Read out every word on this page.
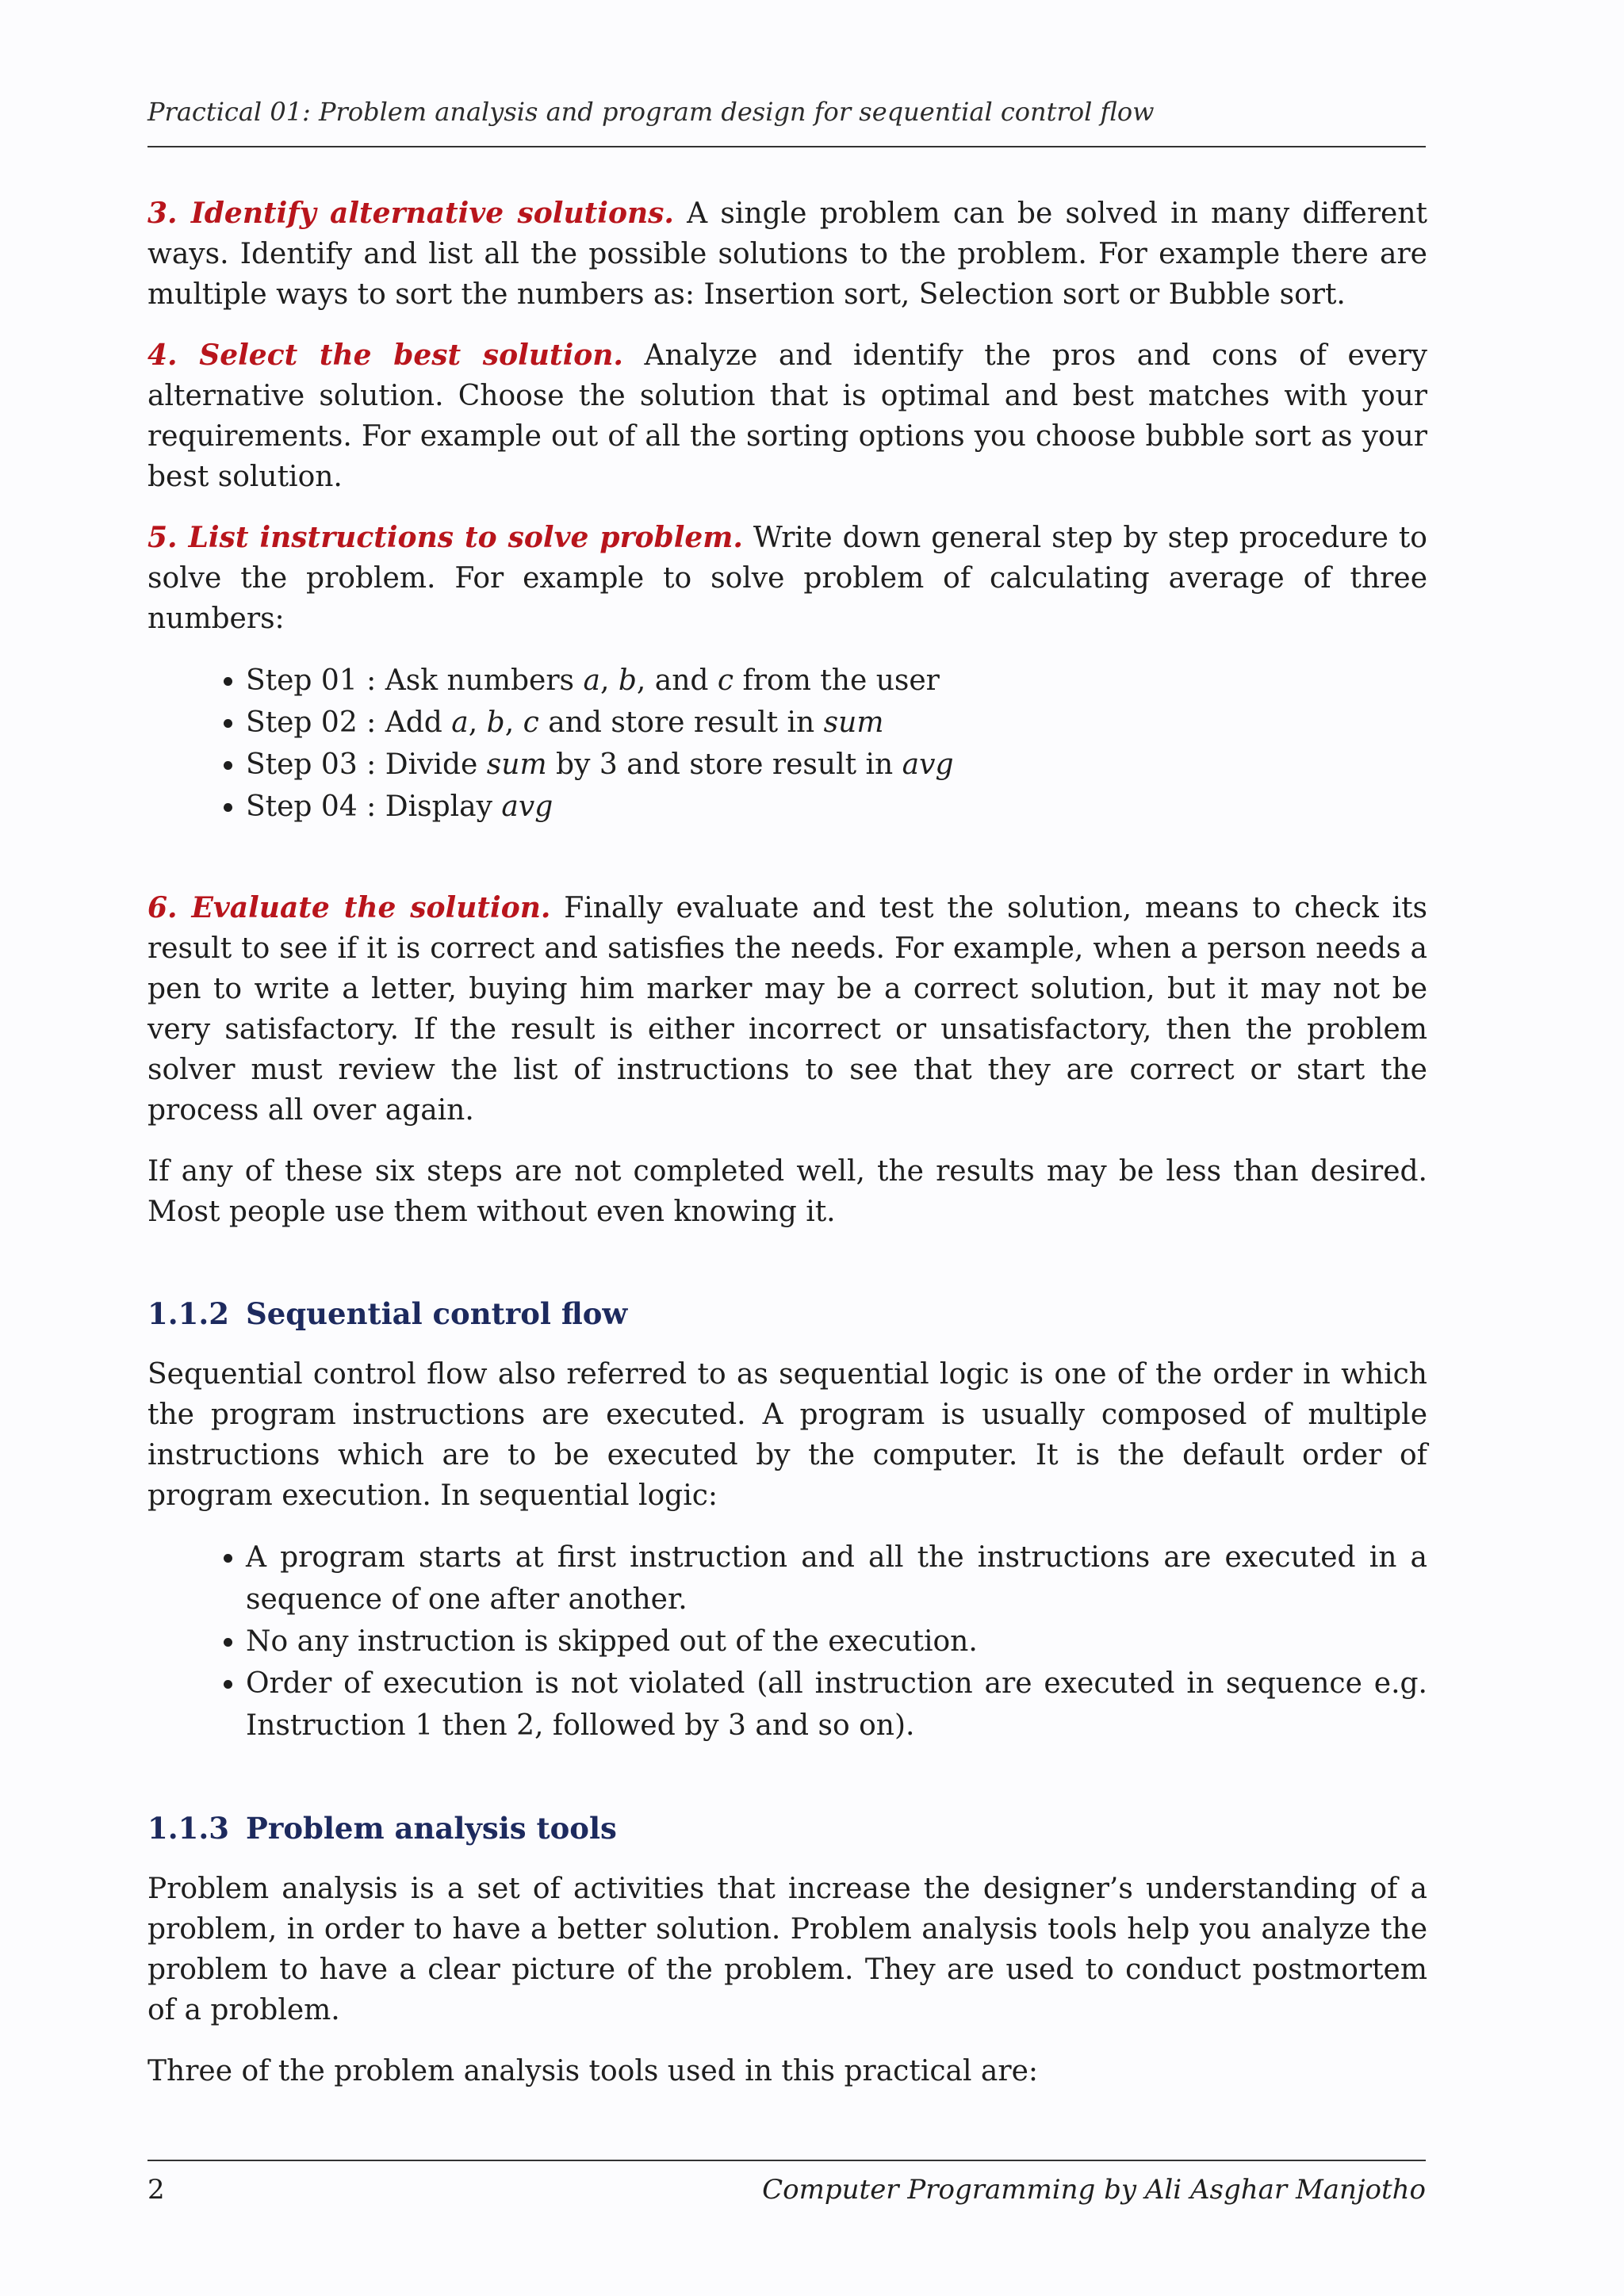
Practical 01: Problem analysis and program design for sequential control flow

3. Identify alternative solutions. A single problem can be solved in many different ways. Identify and list all the possible solutions to the problem. For example there are multiple ways to sort the numbers as: Insertion sort, Selection sort or Bubble sort.

4. Select the best solution. Analyze and identify the pros and cons of every alternative solution. Choose the solution that is optimal and best matches with your requirements. For example out of all the sorting options you choose bubble sort as your best solution.

5. List instructions to solve problem. Write down general step by step procedure to solve the problem. For example to solve problem of calculating average of three numbers:

• Step 01 : Ask numbers a, b, and c from the user
• Step 02 : Add a, b, c and store result in sum
• Step 03 : Divide sum by 3 and store result in avg
• Step 04 : Display avg

6. Evaluate the solution. Finally evaluate and test the solution, means to check its result to see if it is correct and satisfies the needs. For example, when a person needs a pen to write a letter, buying him marker may be a correct solution, but it may not be very satisfactory. If the result is either incorrect or unsatisfactory, then the problem solver must review the list of instructions to see that they are correct or start the process all over again.

If any of these six steps are not completed well, the results may be less than desired. Most people use them without even knowing it.

1.1.2 Sequential control flow

Sequential control flow also referred to as sequential logic is one of the order in which the program instructions are executed. A program is usually composed of multiple instructions which are to be executed by the computer. It is the default order of program execution. In sequential logic:

• A program starts at first instruction and all the instructions are executed in a sequence of one after another.
• No any instruction is skipped out of the execution.
• Order of execution is not violated (all instruction are executed in sequence e.g. Instruction 1 then 2, followed by 3 and so on).
1.1.3 Problem analysis tools

Problem analysis is a set of activities that increase the designer’s understanding of a problem, in order to have a better solution. Problem analysis tools help you analyze the problem to have a clear picture of the problem. They are used to conduct postmortem of a problem.

Three of the problem analysis tools used in this practical are:

2	Computer Programming by Ali Asghar Manjotho
